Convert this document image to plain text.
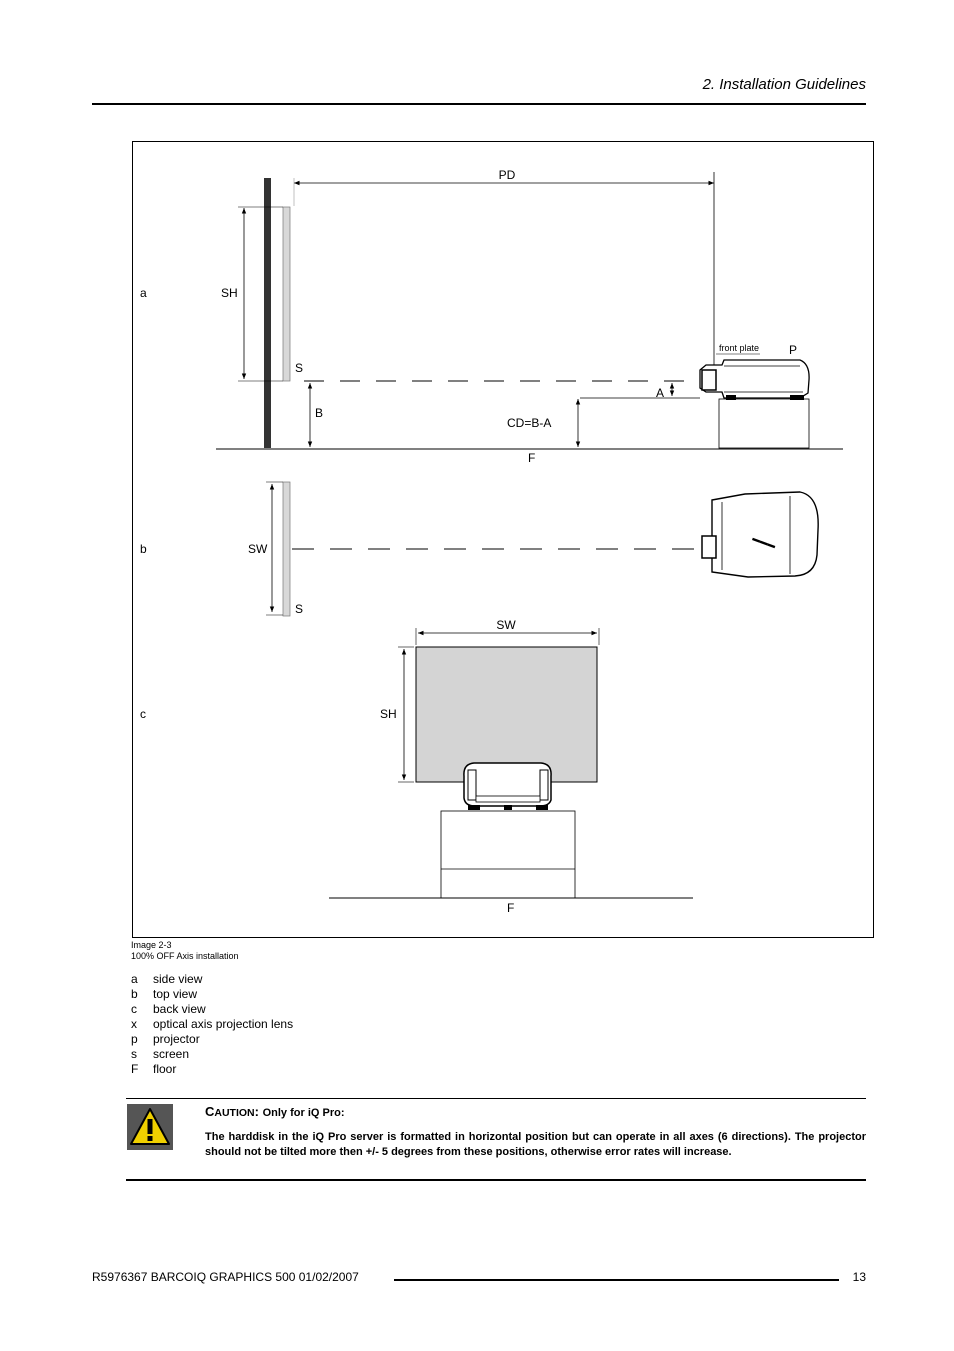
2. Installation Guidelines
PD
SH
S
B
A
CD=B-A
front plate P
F
a
▬▬▬
SW
S
b
SW
SH
F
c
Image 2-3
100% OFF Axis installation
a	side view
b	top view
c	back view
x	optical axis projection lens
p	projector
s	screen
F	floor
CAUTION: Only for iQ Pro:
The harddisk in the iQ Pro server is formatted in horizontal position but can operate in all axes (6 directions). The projector should not be tilted more then +/- 5 degrees from these positions, otherwise error rates will increase.
R5976367 BARCOIQ GRAPHICS 500 01/02/2007	13
